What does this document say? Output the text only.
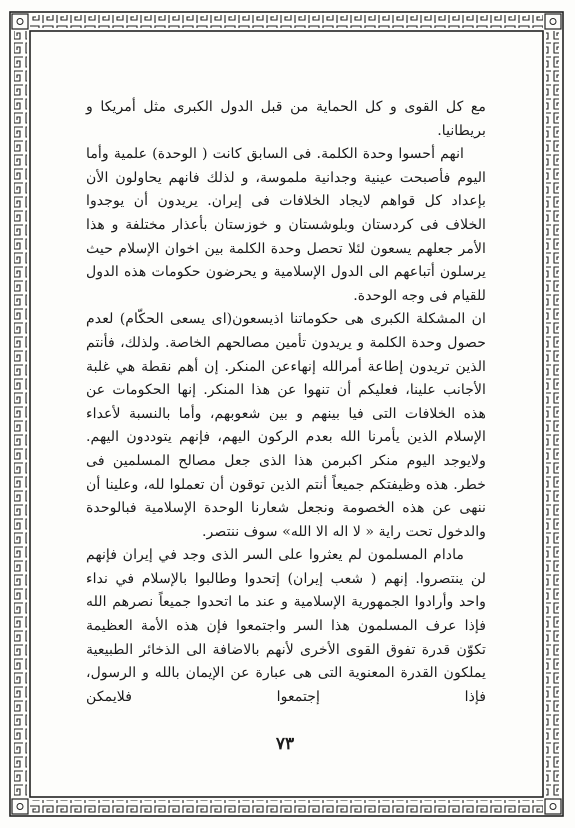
مع كل القوى و كل الحماية من قبل الدول الكبرى مثل أمريكا و بريطانيا.

انهم أحسوا وحدة الكلمة. فى السابق كانت ( الوحدة) علمية وأما اليوم فأصبحت عينية وجدانية ملموسة، و لذلك فانهم يحاولون الأن بإعداد كل قواهم لايجاد الخلافات فى إيران. يريدون أن يوجدوا الخلاف فى كردستان وبلوشستان و خوزستان بأعذار مختلفة و هذا الأمر جعلهم يسعون لئلا تحصل وحدة الكلمة بين اخوان الإسلام حيث يرسلون أتباعهم الى الدول الإسلامية و يحرضون حكومات هذه الدول للقيام فى وجه الوحدة.

ان المشكلة الكبرى هى حكوماتنا اذيسعون(اى يسعى الحكّام) لعدم حصول وحدة الكلمة و يريدون تأمين مصالحهم الخاصة. ولذلك، فأنتم الذين تريدون إطاعة أمرالله إنهاءعن المنكر. إن أهم نقطة هي غلبة الأجانب علينا، فعليكم أن تنهوا عن هذا المنكر. إنها الحكومات عن هذه الخلافات التى فيا بينهم و بين شعوبهم، وأما بالنسبة لأعداء الإسلام الذين يأمرنا الله بعدم الركون اليهم، فإنهم يتوددون اليهم. ولايوجد اليوم منكر اكبرمن هذا الذى جعل مصالح المسلمين فى خطر. هذه وظيفتكم جميعاً أنتم الذين توقون أن تعملوا لله، وعلينا أن ننهى عن هذه الخصومة ونجعل شعارنا الوحدة الإسلامية فبالوحدة والدخول تحت راية « لا اله الا الله» سوف ننتصر.

مادام المسلمون لم يعثروا على السر الذى وجد في إيران فإنهم لن ينتصروا. إنهم ( شعب إيران) إتحدوا وطالبوا بالإسلام في نداء واحد وأرادوا الجمهورية الإسلامية و عند ما اتحدوا جميعاً نصرهم الله فإذا عرف المسلمون هذا السر واجتمعوا فإن هذه الأمة العظيمة تكوّن قدرة تفوق القوى الأخرى لأنهم بالاضافة الى الذخائر الطبيعية يملكون القدرة المعنوية التى هى عبارة عن الإيمان بالله و الرسول، فإذا إجتمعوا فلايمكن

٧٣
